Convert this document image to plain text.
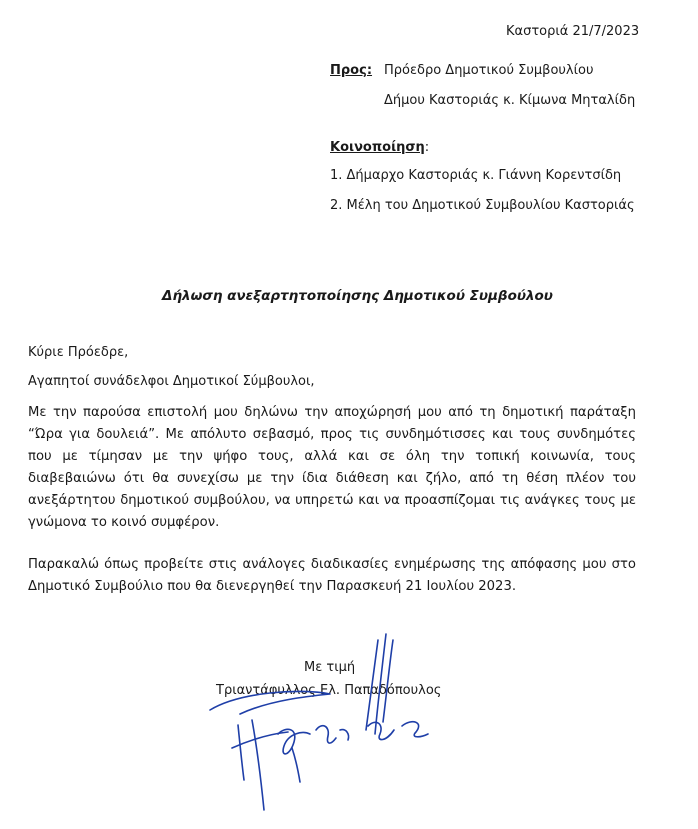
Καστοριά 21/7/2023
Προς: Πρόεδρο Δημοτικού Συμβουλίου
Δήμου Καστοριάς κ. Κίμωνα Μηταλίδη
Κοινοποίηση:
1. Δήμαρχο Καστοριάς κ. Γιάννη Κορεντσίδη
2. Μέλη του Δημοτικού Συμβουλίου Καστοριάς
Δήλωση ανεξαρτητοποίησης Δημοτικού Συμβούλου
Κύριε Πρόεδρε,
Αγαπητοί συνάδελφοι Δημοτικοί Σύμβουλοι,
Με την παρούσα επιστολή μου δηλώνω την αποχώρησή μου από τη δημοτική παράταξη “Ώρα για δουλειά”. Με απόλυτο σεβασμό, προς τις συνδημότισσες και τους συνδημότες που με τίμησαν με την ψήφο τους, αλλά και σε όλη την τοπική κοινωνία, τους διαβεβαιώνω ότι θα συνεχίσω με την ίδια διάθεση και ζήλο, από τη θέση πλέον του ανεξάρτητου δημοτικού συμβούλου, να υπηρετώ και να προασπίζομαι τις ανάγκες τους με γνώμονα το κοινό συμφέρον.
Παρακαλώ όπως προβείτε στις ανάλογες διαδικασίες ενημέρωσης της απόφασης μου στο Δημοτικό Συμβούλιο που θα διενεργηθεί την Παρασκευή 21 Ιουλίου 2023.
Με τιμή
Τριαντάφυλλος Ελ. Παπαδόπουλος
